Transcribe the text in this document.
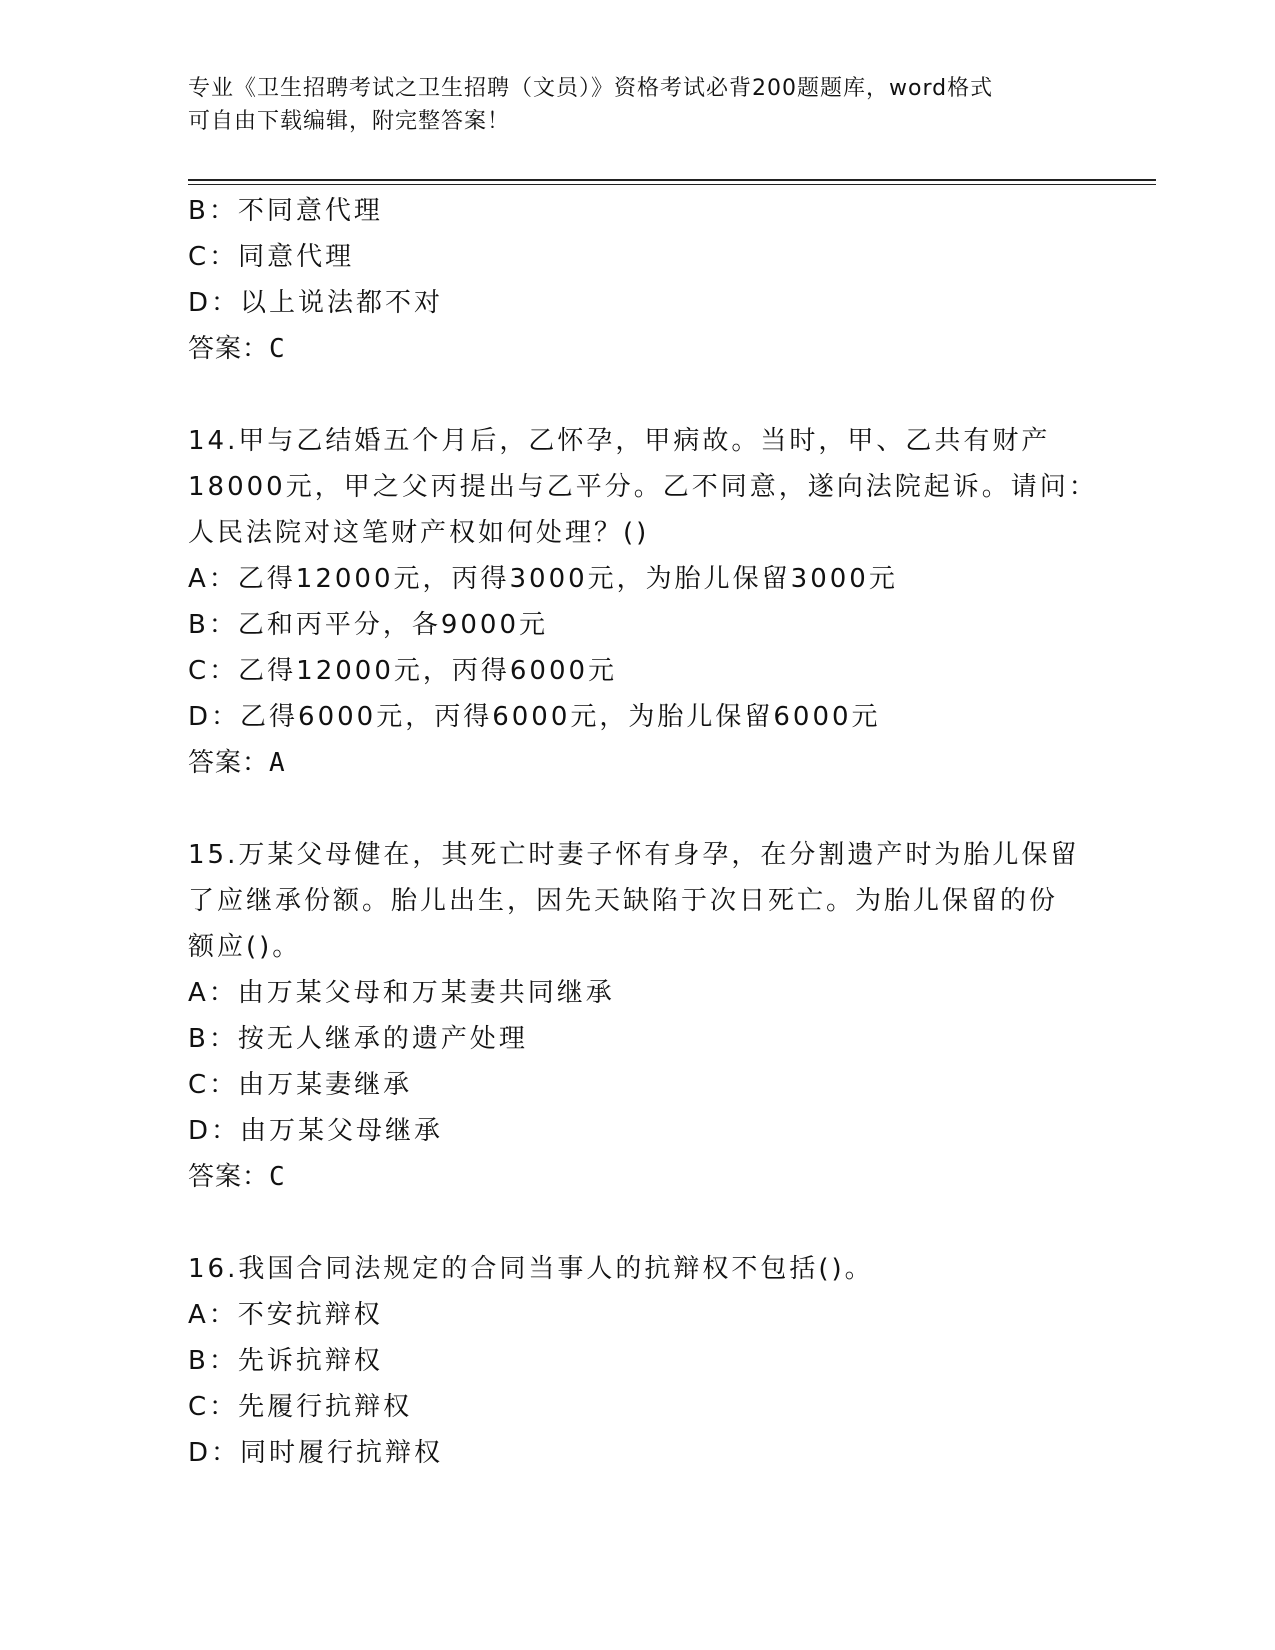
专业《卫生招聘考试之卫生招聘（文员）》资格考试必背200题题库，word格式
可自由下载编辑，附完整答案！
B：不同意代理
C：同意代理
D：以上说法都不对
答案：C
14.甲与乙结婚五个月后，乙怀孕，甲病故。当时，甲、乙共有财产
18000元，甲之父丙提出与乙平分。乙不同意，遂向法院起诉。请问：
人民法院对这笔财产权如何处理？()
A：乙得12000元，丙得3000元，为胎儿保留3000元
B：乙和丙平分，各9000元
C：乙得12000元，丙得6000元
D：乙得6000元，丙得6000元，为胎儿保留6000元
答案：A
15.万某父母健在，其死亡时妻子怀有身孕，在分割遗产时为胎儿保留
了应继承份额。胎儿出生，因先天缺陷于次日死亡。为胎儿保留的份
额应()。
A：由万某父母和万某妻共同继承
B：按无人继承的遗产处理
C：由万某妻继承
D：由万某父母继承
答案：C
16.我国合同法规定的合同当事人的抗辩权不包括()。
A：不安抗辩权
B：先诉抗辩权
C：先履行抗辩权
D：同时履行抗辩权
